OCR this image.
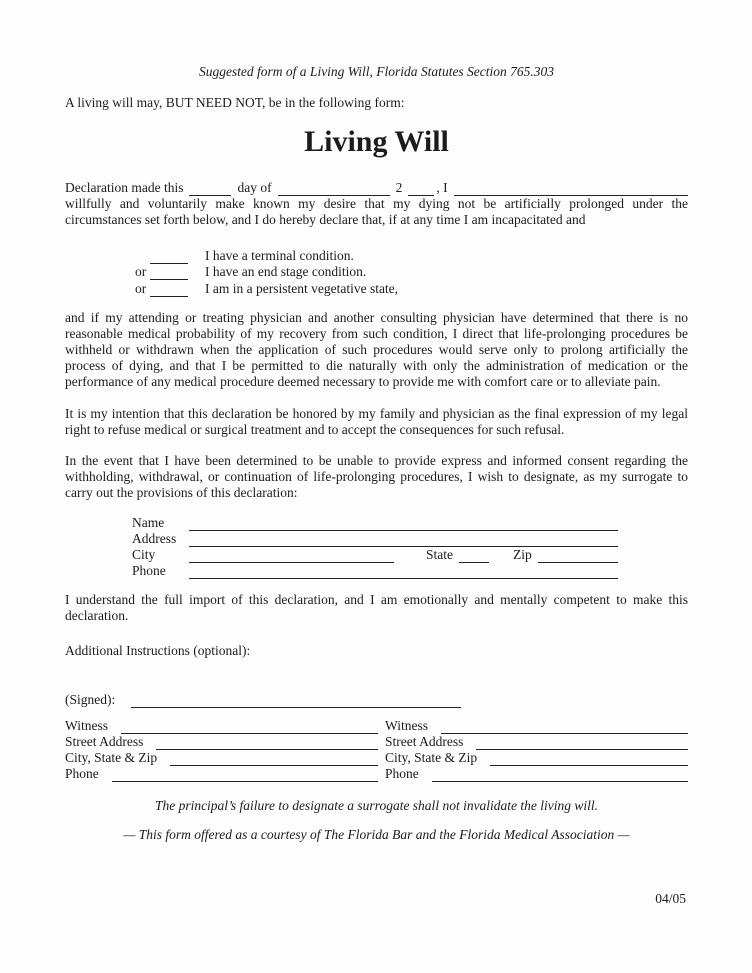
Suggested form of a Living Will, Florida Statutes Section 765.303

A living will may, BUT NEED NOT, be in the following form:

Living Will
Declaration made this	day of	2	, I

willfully and voluntarily make known my desire that my dying not be artificially prolonged under the circumstances set forth below, and I do hereby declare that, if at any time I am incapacitated and

I have a terminal condition.
or	I have an end stage condition.
or	I am in a persistent vegetative state,

and if my attending or treating physician and another consulting physician have determined that there is no reasonable medical probability of my recovery from such condition, I direct that life-prolonging procedures be withheld or withdrawn when the application of such procedures would serve only to prolong artificially the process of dying, and that I be permitted to die naturally with only the administration of medication or the performance of any medical procedure deemed necessary to provide me with comfort care or to alleviate pain.

It is my intention that this declaration be honored by my family and physician as the final expression of my legal right to refuse medical or surgical treatment and to accept the consequences for such refusal.

In the event that I have been determined to be unable to provide express and informed consent regarding the withholding, withdrawal, or continuation of life-prolonging procedures, I wish to designate, as my surrogate to carry out the provisions of this declaration:

Name
Address
City	State	Zip
Phone

I understand the full import of this declaration, and I am emotionally and mentally competent to make this declaration.

Additional Instructions (optional):

(Signed):
Witness
Street Address
City, State & Zip
Phone
Witness
Street Address
City, State & Zip
Phone

The principal’s failure to designate a surrogate shall not invalidate the living will.

— This form offered as a courtesy of The Florida Bar and the Florida Medical Association —

04/05
